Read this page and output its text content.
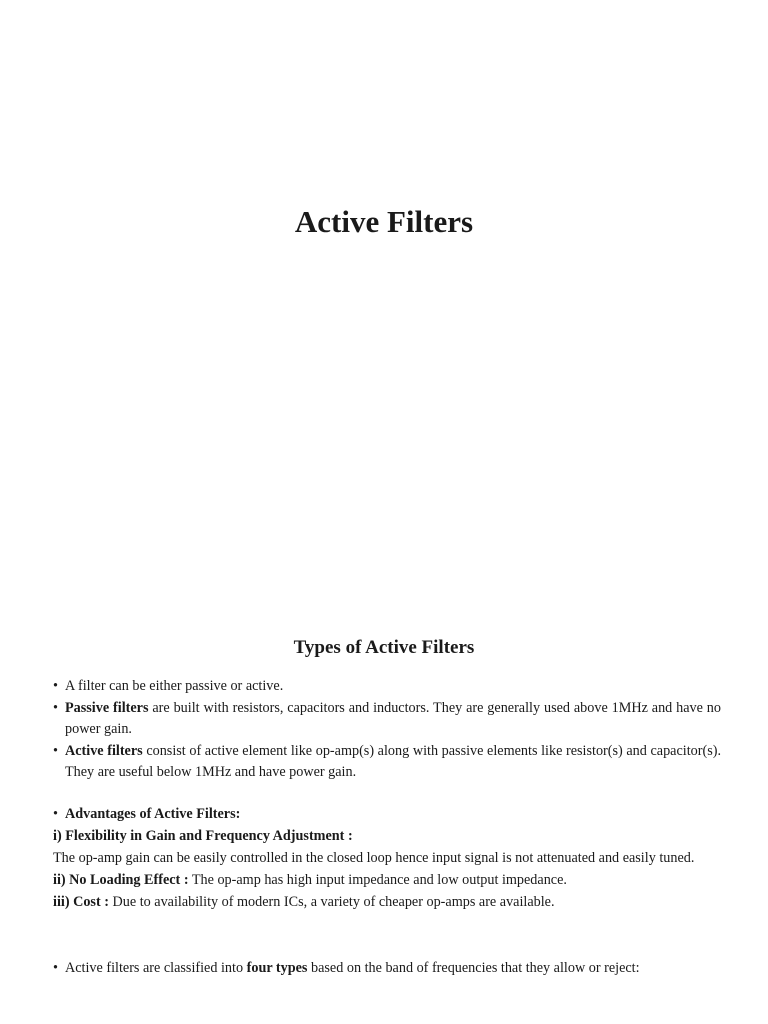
Active Filters
Types of Active Filters

• A filter can be either passive or active.

• Passive filters are built with resistors, capacitors and inductors. They are generally used above 1MHz and have no power gain.

• Active filters consist of active element like op-amp(s) along with passive elements like resistor(s) and capacitor(s). They are useful below 1MHz and have power gain.

• Advantages of Active Filters:

i) Flexibility in Gain and Frequency Adjustment :

The op-amp gain can be easily controlled in the closed loop hence input signal is not attenuated and easily tuned.

ii) No Loading Effect : The op-amp has high input impedance and low output impedance.

iii) Cost : Due to availability of modern ICs, a variety of cheaper op-amps are available.

• Active filters are classified into four types based on the band of frequencies that they allow or reject:
